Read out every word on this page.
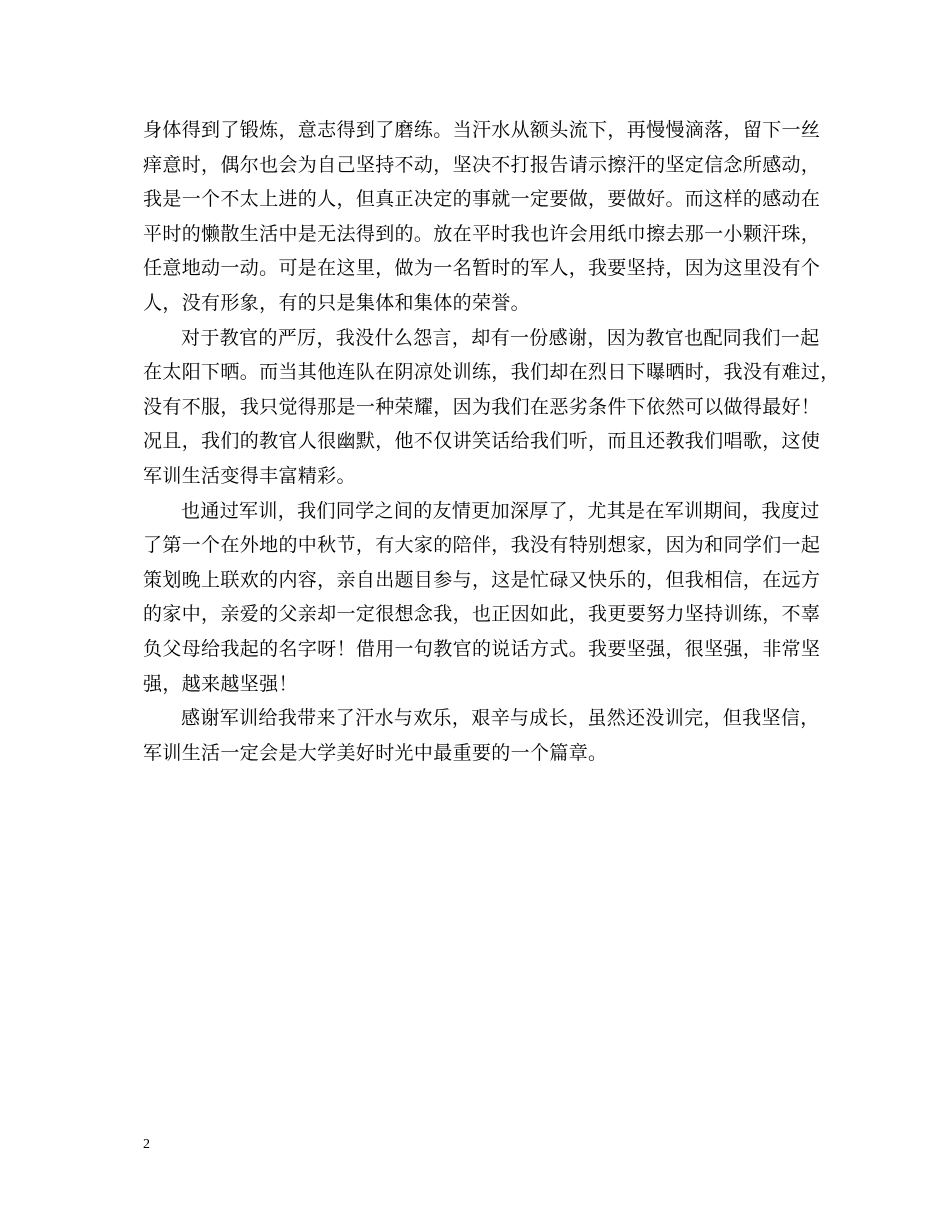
身体得到了锻炼，意志得到了磨练。当汗水从额头流下，再慢慢滴落，留下一丝
痒意时，偶尔也会为自己坚持不动，坚决不打报告请示擦汗的坚定信念所感动，
我是一个不太上进的人，但真正决定的事就一定要做，要做好。而这样的感动在
平时的懒散生活中是无法得到的。放在平时我也许会用纸巾擦去那一小颗汗珠，
任意地动一动。可是在这里，做为一名暂时的军人，我要坚持，因为这里没有个
人，没有形象，有的只是集体和集体的荣誉。
对于教官的严厉，我没什么怨言，却有一份感谢，因为教官也配同我们一起
在太阳下晒。而当其他连队在阴凉处训练，我们却在烈日下曝晒时，我没有难过，
没有不服，我只觉得那是一种荣耀，因为我们在恶劣条件下依然可以做得最好！
况且，我们的教官人很幽默，他不仅讲笑话给我们听，而且还教我们唱歌，这使
军训生活变得丰富精彩。
也通过军训，我们同学之间的友情更加深厚了，尤其是在军训期间，我度过
了第一个在外地的中秋节，有大家的陪伴，我没有特别想家，因为和同学们一起
策划晚上联欢的内容，亲自出题目参与，这是忙碌又快乐的，但我相信，在远方
的家中，亲爱的父亲却一定很想念我，也正因如此，我更要努力坚持训练，不辜
负父母给我起的名字呀！借用一句教官的说话方式。我要坚强，很坚强，非常坚
强，越来越坚强！
感谢军训给我带来了汗水与欢乐，艰辛与成长，虽然还没训完，但我坚信，
军训生活一定会是大学美好时光中最重要的一个篇章。
2
